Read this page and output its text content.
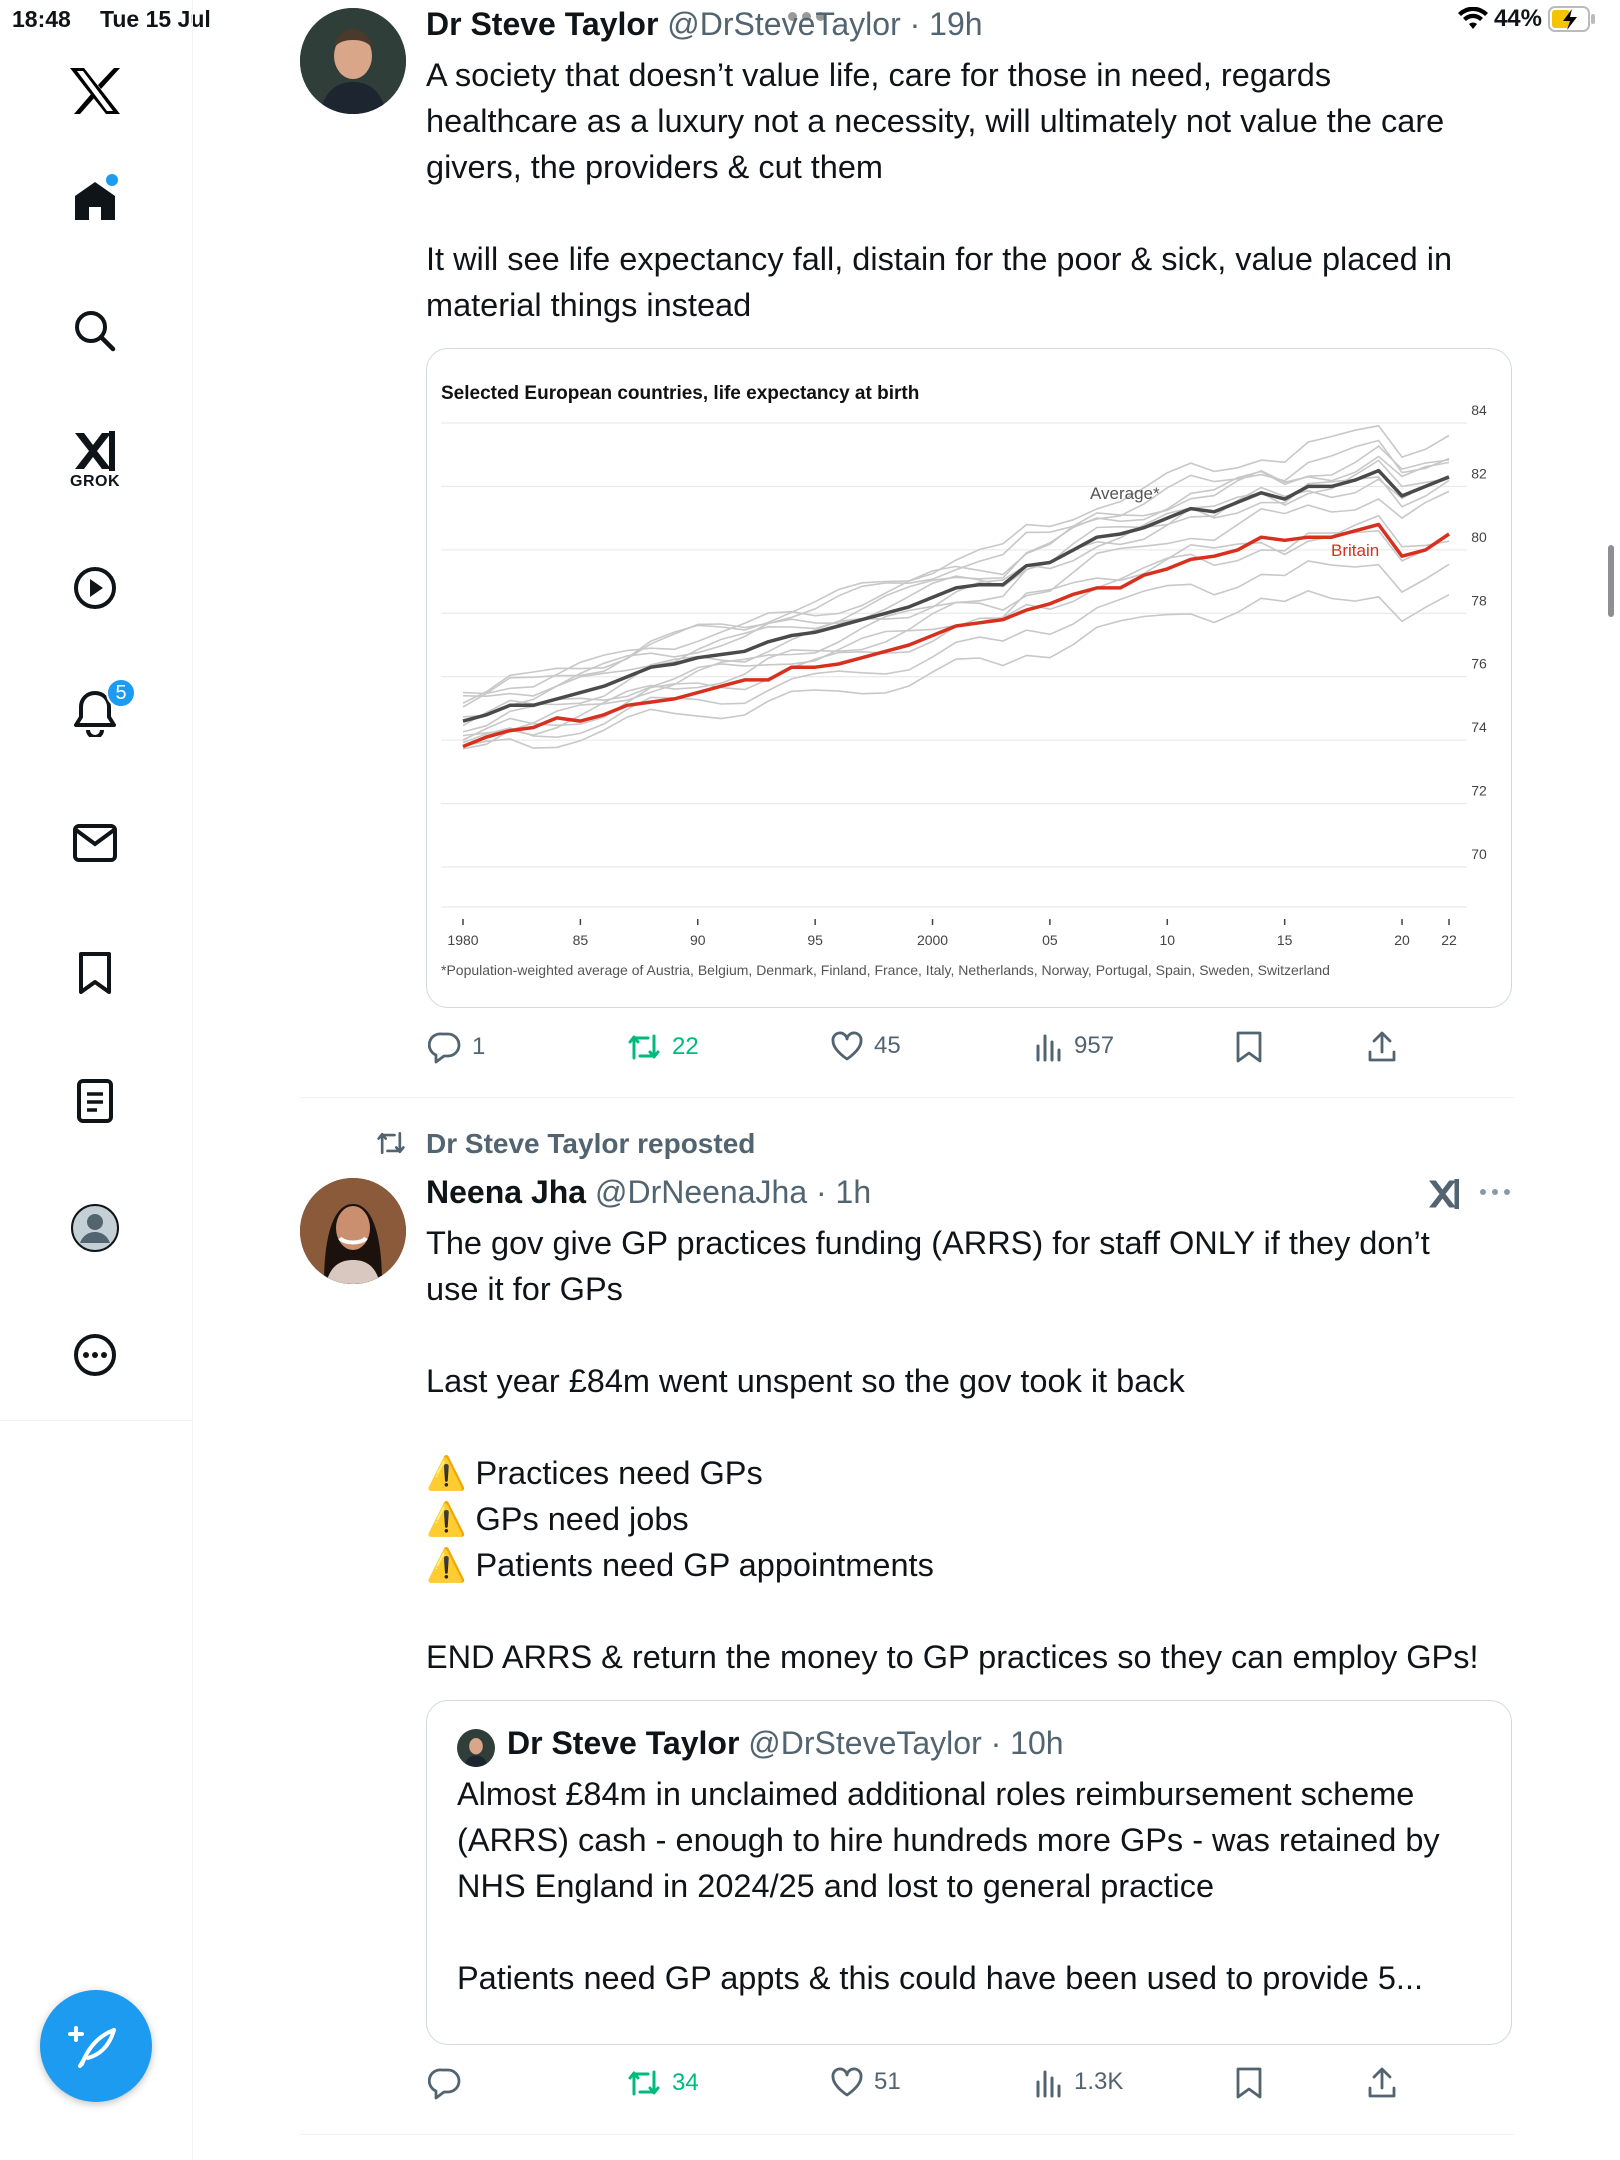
18:48 Tue 15 Jul	44%
GROK
5
Dr Steve Taylor @DrSteveTaylor · 19h
A society that doesn’t value life, care for those in need, regards
healthcare as a luxury not a necessity, will ultimately not value the care
givers, the providers & cut them
It will see life expectancy fall, distain for the poor & sick, value placed in
material things instead
Selected European countries, life expectancy at birth
84
82
80
78
76
74
72
70
1980	85	90	95	2000	05	10	15	20 22
Average*
Britain
*Population-weighted average of Austria, Belgium, Denmark, Finland, France, Italy, Netherlands, Norway, Portugal, Spain, Sweden, Switzerland
1	22	45	957
Dr Steve Taylor reposted
Neena Jha @DrNeenaJha · 1h
The gov give GP practices funding (ARRS) for staff ONLY if they don’t
use it for GPs
Last year £84m went unspent so the gov took it back
⚠️ Practices need GPs
⚠️ GPs need jobs
⚠️ Patients need GP appointments
END ARRS & return the money to GP practices so they can employ GPs!
Dr Steve Taylor @DrSteveTaylor · 10h
Almost £84m in unclaimed additional roles reimbursement scheme
(ARRS) cash - enough to hire hundreds more GPs - was retained by
NHS England in 2024/25 and lost to general practice
Patients need GP appts & this could have been used to provide 5...
34	51	1.3K
